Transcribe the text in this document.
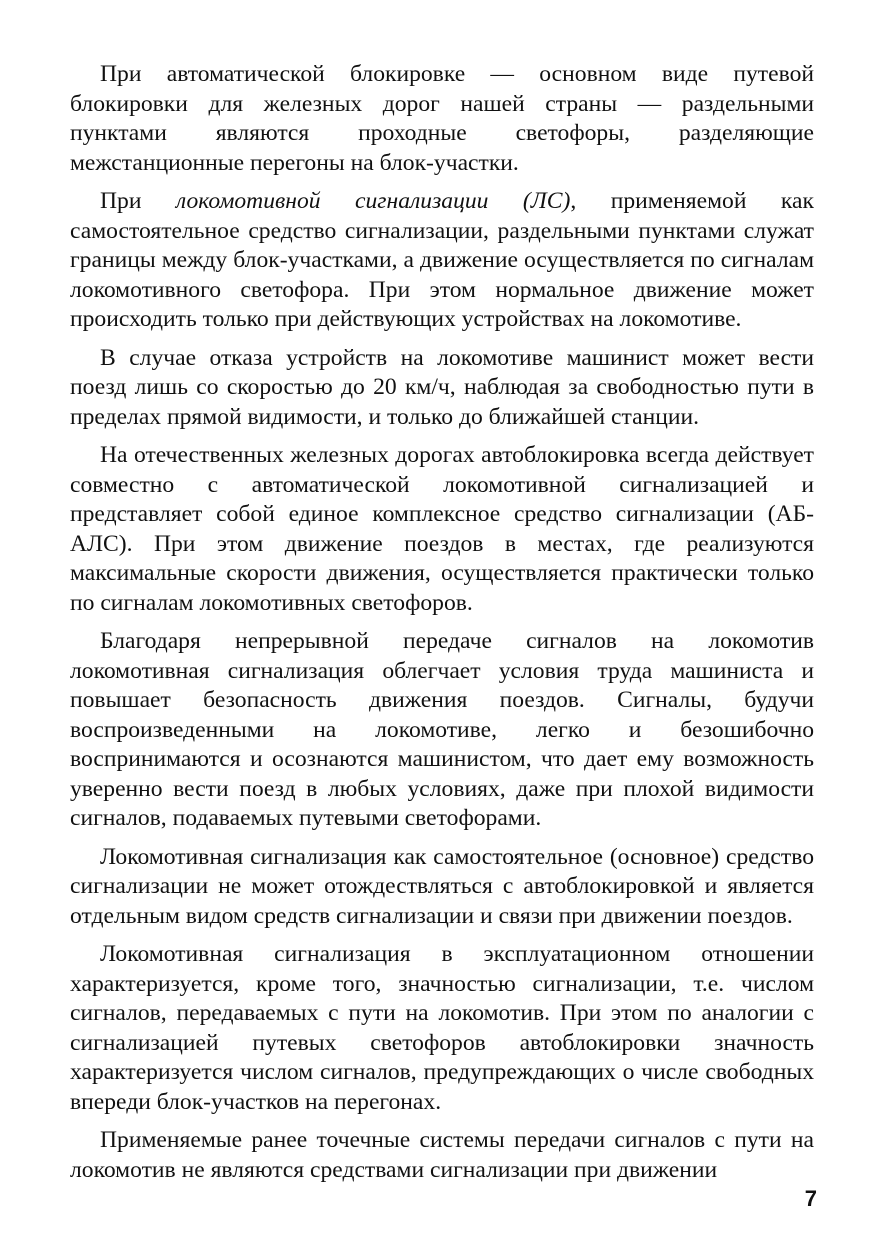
При автоматической блокировке — основном виде путевой блокировки для железных дорог нашей страны — раздельными пунктами являются проходные светофоры, разделяющие межстанционные перегоны на блок-участки.

При локомотивной сигнализации (ЛС), применяемой как самостоятельное средство сигнализации, раздельными пунктами служат границы между блок-участками, а движение осуществляется по сигналам локомотивного светофора. При этом нормальное движение может происходить только при действующих устройствах на локомотиве.

В случае отказа устройств на локомотиве машинист может вести поезд лишь со скоростью до 20 км/ч, наблюдая за свободностью пути в пределах прямой видимости, и только до ближайшей станции.

На отечественных железных дорогах автоблокировка всегда действует совместно с автоматической локомотивной сигнализацией и представляет собой единое комплексное средство сигнализации (АБ-АЛС). При этом движение поездов в местах, где реализуются максимальные скорости движения, осуществляется практически только по сигналам локомотивных светофоров.

Благодаря непрерывной передаче сигналов на локомотив локомотивная сигнализация облегчает условия труда машиниста и повышает безопасность движения поездов. Сигналы, будучи воспроизведенными на локомотиве, легко и безошибочно воспринимаются и осознаются машинистом, что дает ему возможность уверенно вести поезд в любых условиях, даже при плохой видимости сигналов, подаваемых путевыми светофорами.

Локомотивная сигнализация как самостоятельное (основное) средство сигнализации не может отождествляться с автоблокировкой и является отдельным видом средств сигнализации и связи при движении поездов.

Локомотивная сигнализация в эксплуатационном отношении характеризуется, кроме того, значностью сигнализации, т.е. числом сигналов, передаваемых с пути на локомотив. При этом по аналогии с сигнализацией путевых светофоров автоблокировки значность характеризуется числом сигналов, предупреждающих о числе свободных впереди блок-участков на перегонах.

Применяемые ранее точечные системы передачи сигналов с пути на локомотив не являются средствами сигнализации при движении

7
